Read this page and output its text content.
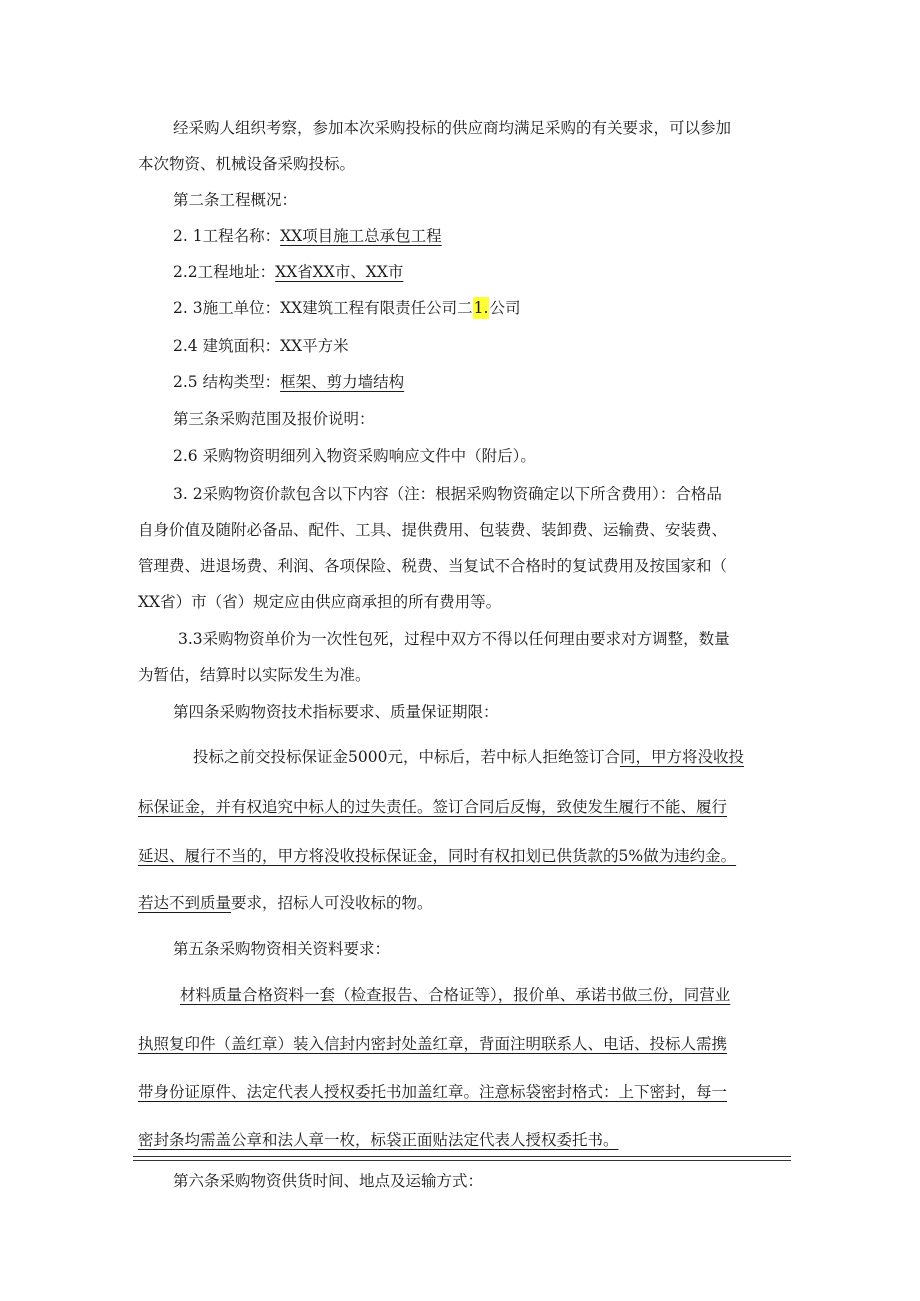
经采购人组织考察，参加本次采购投标的供应商均满足采购的有关要求，可以参加
本次物资、机械设备采购投标。
第二条工程概况：
2. 1工程名称：XX项目施工总承包工程
2.2工程地址：XX省XX市、XX市
2. 3施工单位：XX建筑工程有限责任公司二1.公司
2.4 建筑面积：XX平方米
2.5 结构类型：框架、剪力墙结构
第三条采购范围及报价说明：
2.6 采购物资明细列入物资采购响应文件中（附后）。
3. 2采购物资价款包含以下内容（注：根据采购物资确定以下所含费用）：合格品
自身价值及随附必备品、配件、工具、提供费用、包装费、装卸费、运输费、安装费、
管理费、进退场费、利润、各项保险、税费、当复试不合格时的复试费用及按国家和（
XX省）市（省）规定应由供应商承担的所有费用等。
3.3采购物资单价为一次性包死，过程中双方不得以任何理由要求对方调整，数量
为暂估，结算时以实际发生为准。
第四条采购物资技术指标要求、质量保证期限：
投标之前交投标保证金5000元，中标后，若中标人拒绝签订合同，甲方将没收投
标保证金，并有权追究中标人的过失责任。签订合同后反悔，致使发生履行不能、履行
延迟、履行不当的，甲方将没收投标保证金，同时有权扣划已供货款的5%做为违约金。
若达不到质量要求，招标人可没收标的物。
第五条采购物资相关资料要求：
材料质量合格资料一套（检查报告、合格证等），报价单、承诺书做三份，同营业
执照复印件（盖红章）装入信封内密封处盖红章，背面注明联系人、电话、投标人需携
带身份证原件、法定代表人授权委托书加盖红章。注意标袋密封格式：上下密封，每一
密封条均需盖公章和法人章一枚，标袋正面贴法定代表人授权委托书。
第六条采购物资供货时间、地点及运输方式：
